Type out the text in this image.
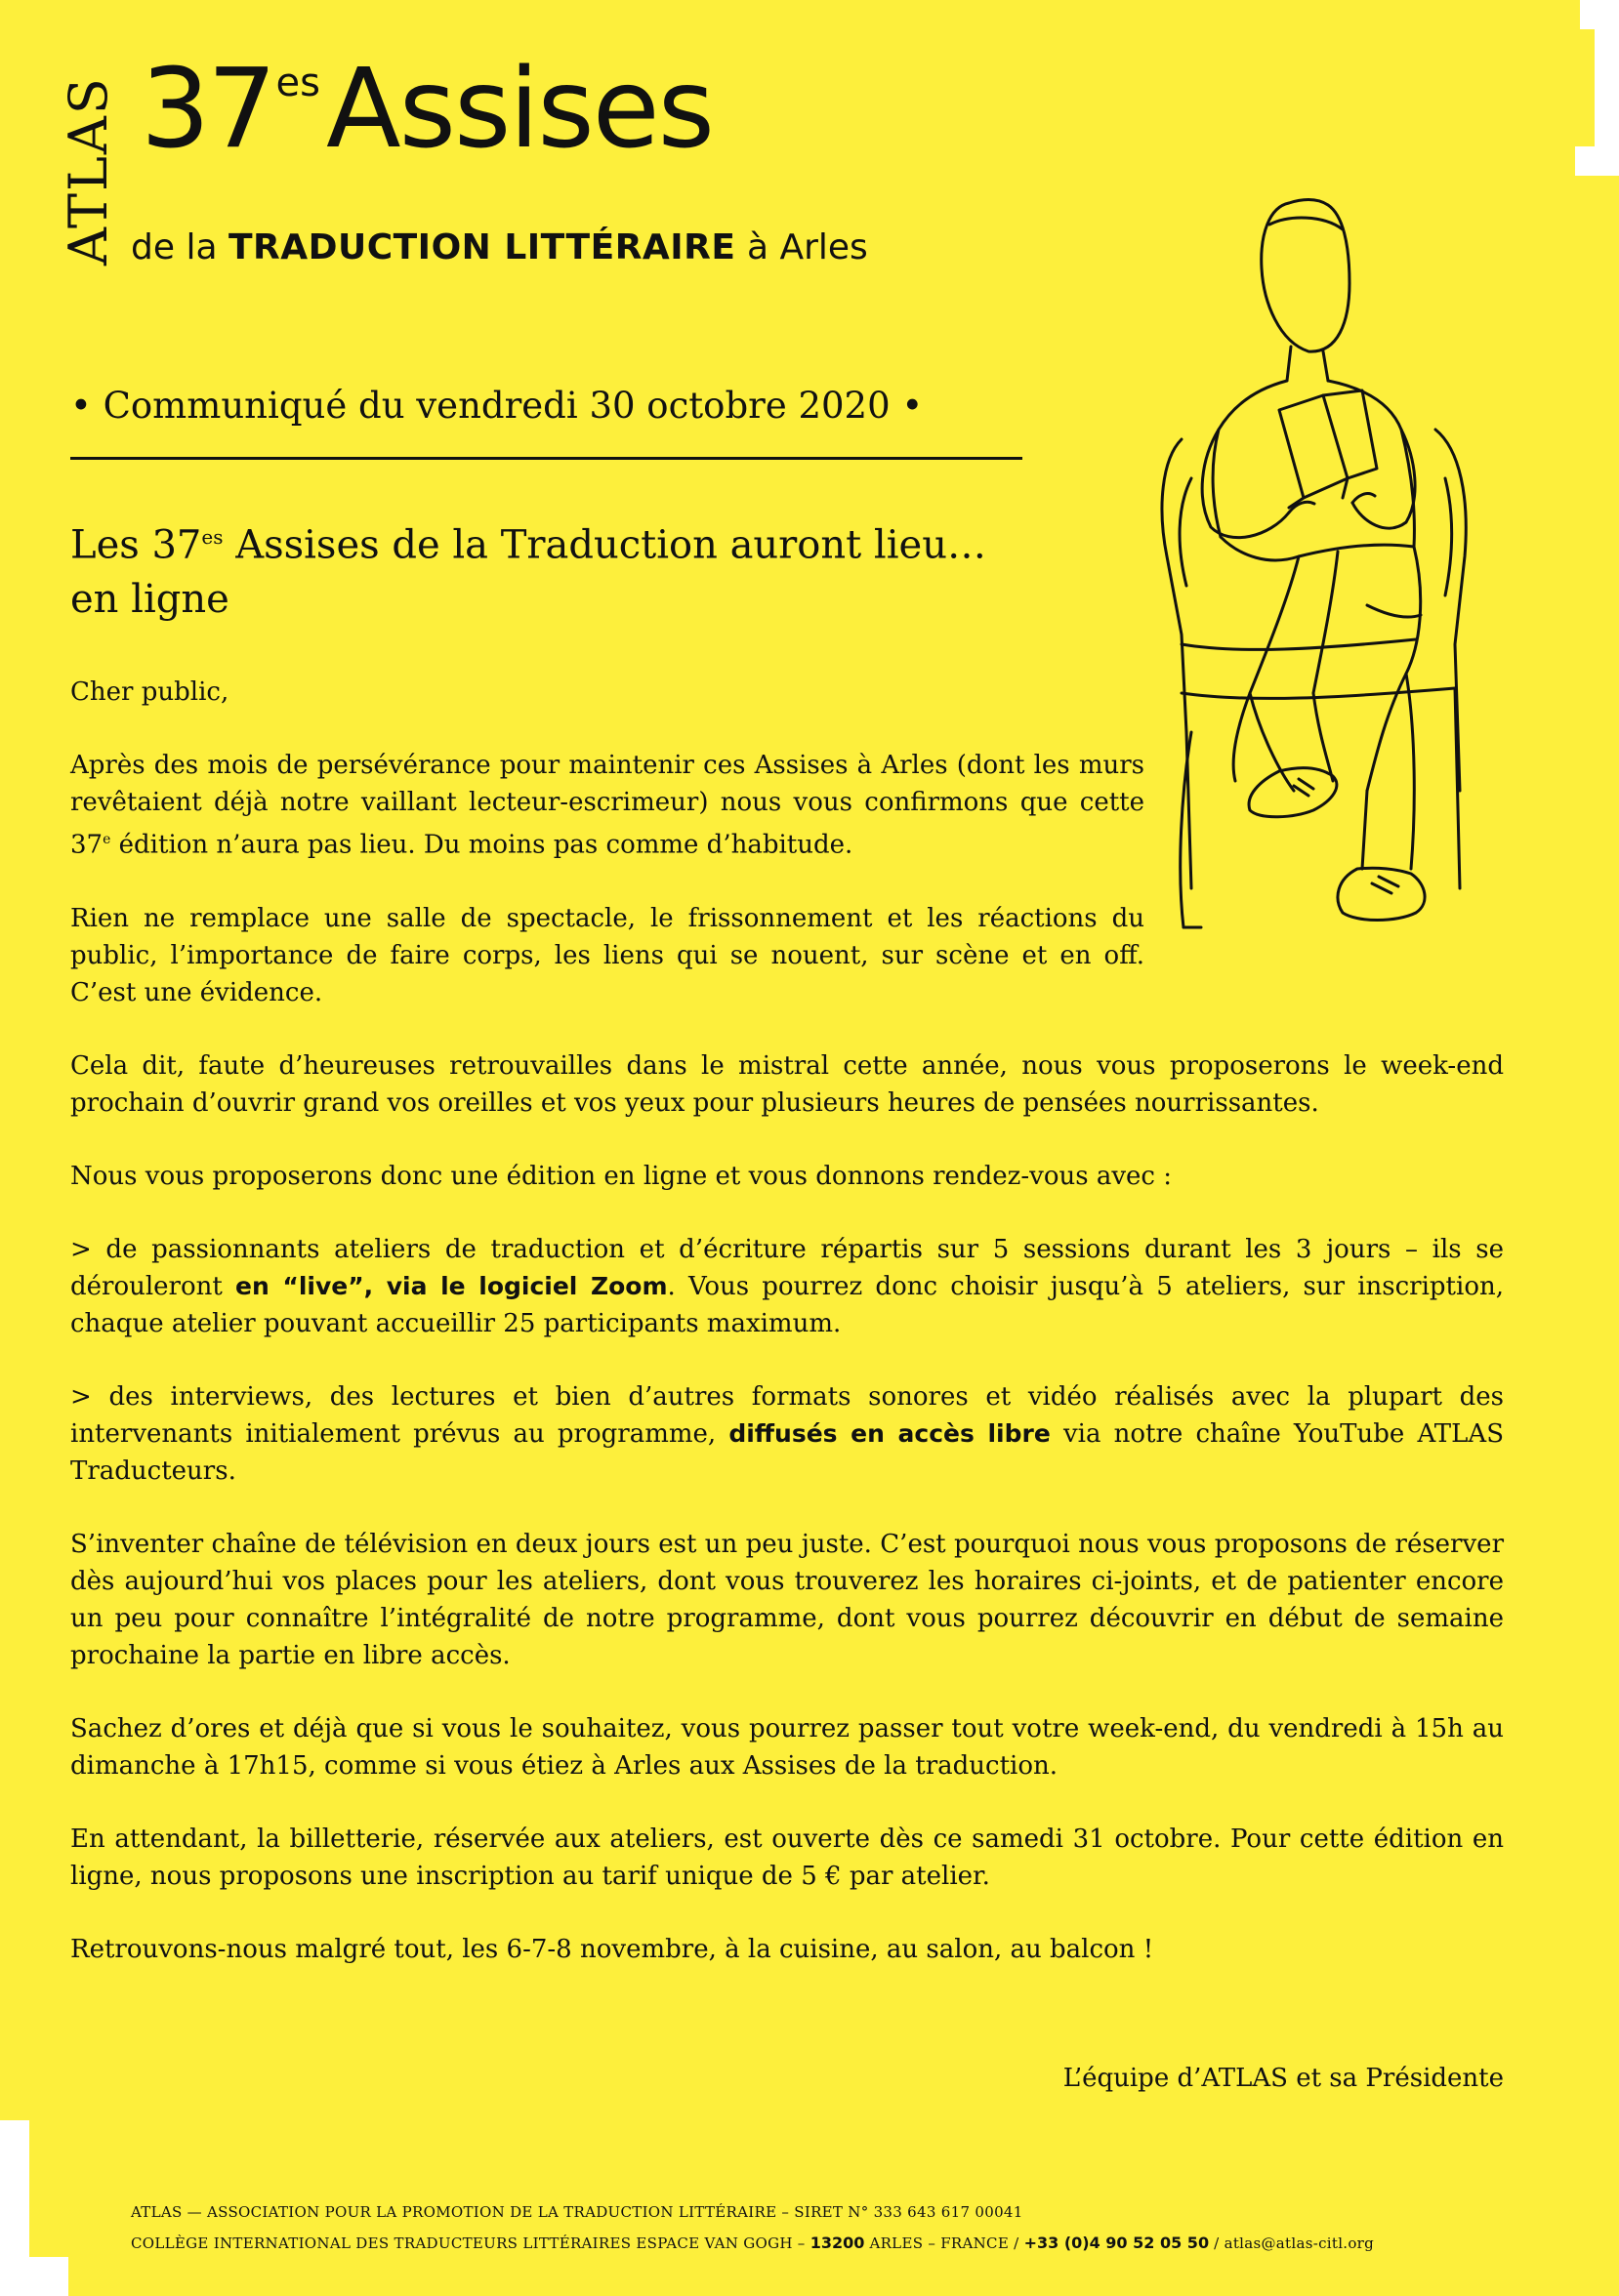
ATLAS $37^{es}Assises$
de la TRADUCTION LITTÉRAIRE à Arles
• Communiqué du vendredi 30 octobre 2020 •
Les $37^{es}$ Assises de la Traduction auront lieu…
en ligne

Cher public,

Après des mois de persévérance pour maintenir ces Assises à Arles (dont les murs revêtaient déjà notre vaillant lecteur-escrimeur) nous vous confirmons que cette 37e édition n’aura pas lieu. Du moins pas comme d’habitude.

Rien ne remplace une salle de spectacle, le frissonnement et les réactions du public, l’importance de faire corps, les liens qui se nouent, sur scène et en off. C’est une évidence.

Cela dit, faute d’heureuses retrouvailles dans le mistral cette année, nous vous proposerons le week-end prochain d’ouvrir grand vos oreilles et vos yeux pour plusieurs heures de pensées nourrissantes.

Nous vous proposerons donc une édition en ligne et vous donnons rendez-vous avec :

> de passionnants ateliers de traduction et d’écriture répartis sur 5 sessions durant les 3 jours – ils se dérouleront en “live”, via le logiciel Zoom. Vous pourrez donc choisir jusqu’à 5 ateliers, sur inscription, chaque atelier pouvant accueillir 25 participants maximum.

> des interviews, des lectures et bien d’autres formats sonores et vidéo réalisés avec la plupart des intervenants initialement prévus au programme, diffusés en accès libre via notre chaîne YouTube ATLAS Traducteurs.

S’inventer chaîne de télévision en deux jours est un peu juste. C’est pourquoi nous vous proposons de réserver dès aujourd’hui vos places pour les ateliers, dont vous trouverez les horaires ci-joints, et de patienter encore un peu pour connaître l’intégralité de notre programme, dont vous pourrez découvrir en début de semaine prochaine la partie en libre accès.

Sachez d’ores et déjà que si vous le souhaitez, vous pourrez passer tout votre week-end, du vendredi à 15h au dimanche à 17h15, comme si vous étiez à Arles aux Assises de la traduction.

En attendant, la billetterie, réservée aux ateliers, est ouverte dès ce samedi 31 octobre. Pour cette édition en ligne, nous proposons une inscription au tarif unique de 5 € par atelier.

Retrouvons-nous malgré tout, les 6-7-8 novembre, à la cuisine, au salon, au balcon !

L’équipe d’ATLAS et sa Présidente
ATLAS — ASSOCIATION POUR LA PROMOTION DE LA TRADUCTION LITTÉRAIRE – SIRET N° 333 643 617 00041
COLLÈGE INTERNATIONAL DES TRADUCTEURS LITTÉRAIRES ESPACE VAN GOGH – 13200 ARLES – FRANCE / +33 (0)4 90 52 05 50 / atlas@atlas-citl.org
